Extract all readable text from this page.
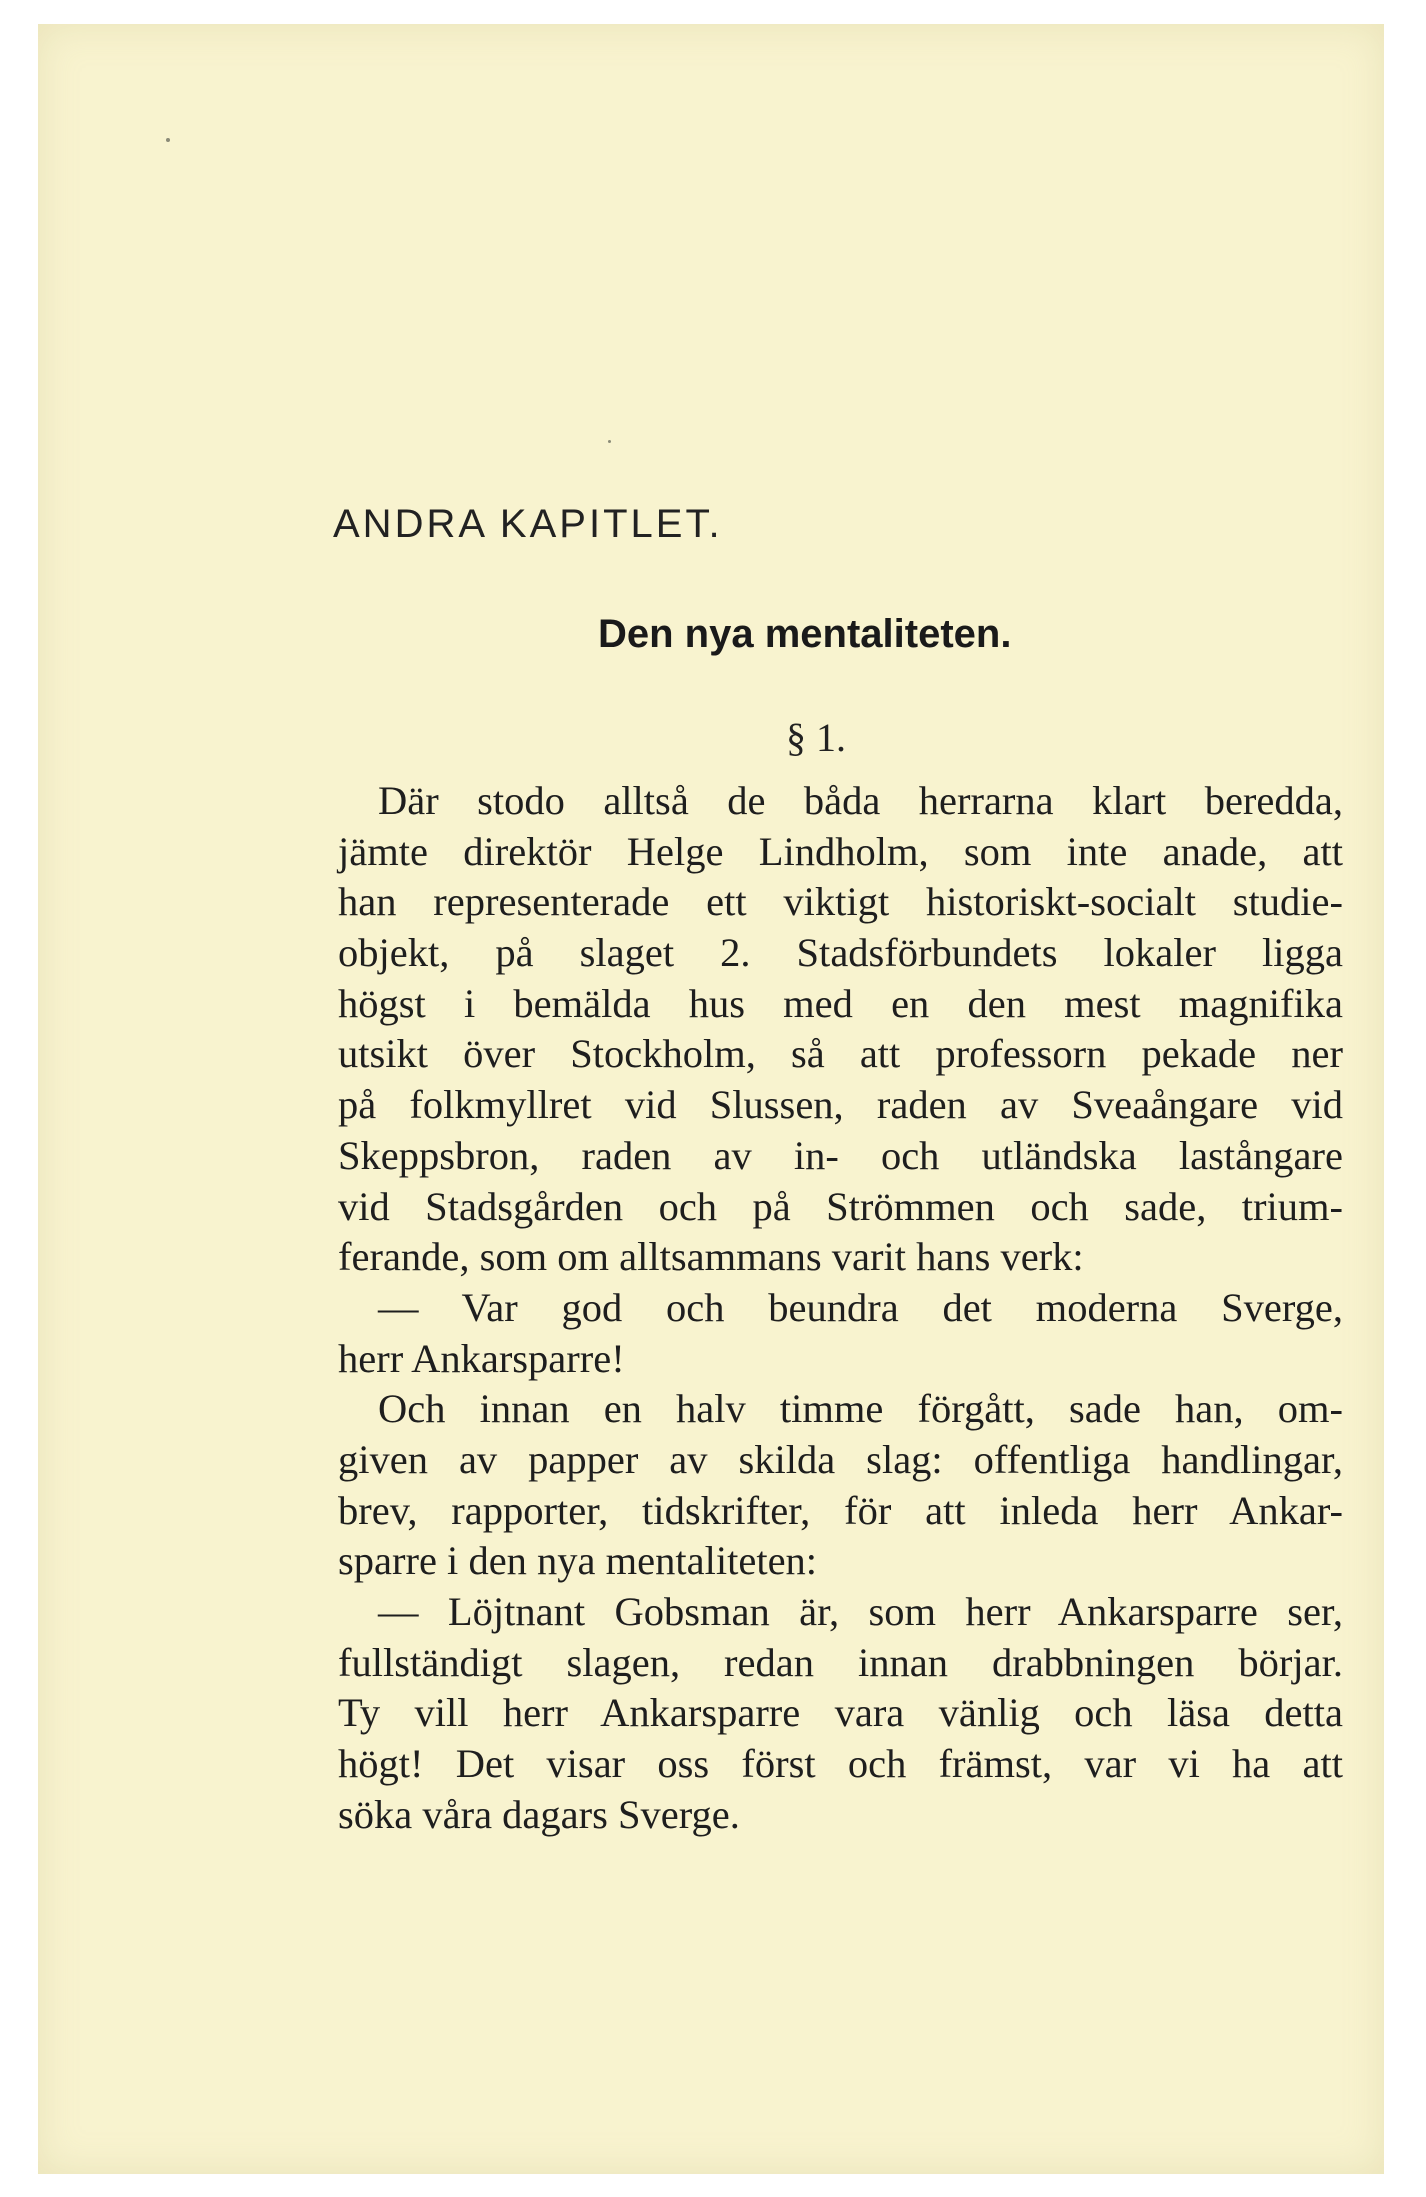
ANDRA KAPITLET.
Den nya mentaliteten.
§ 1.
Där stodo alltså de båda herrarna klart beredda,
jämte direktör Helge Lindholm, som inte anade, att
han representerade ett viktigt historiskt-socialt studie-
objekt, på slaget 2. Stadsförbundets lokaler ligga
högst i bemälda hus med en den mest magnifika
utsikt över Stockholm, så att professorn pekade ner
på folkmyllret vid Slussen, raden av Sveaångare vid
Skeppsbron, raden av in- och utländska lastångare
vid Stadsgården och på Strömmen och sade, trium-
ferande, som om alltsammans varit hans verk:
— Var god och beundra det moderna Sverge,
herr Ankarsparre!
Och innan en halv timme förgått, sade han, om-
given av papper av skilda slag: offentliga handlingar,
brev, rapporter, tidskrifter, för att inleda herr Ankar-
sparre i den nya mentaliteten:
— Löjtnant Gobsman är, som herr Ankarsparre ser,
fullständigt slagen, redan innan drabbningen börjar.
Ty vill herr Ankarsparre vara vänlig och läsa detta
högt! Det visar oss först och främst, var vi ha att
söka våra dagars Sverge.
